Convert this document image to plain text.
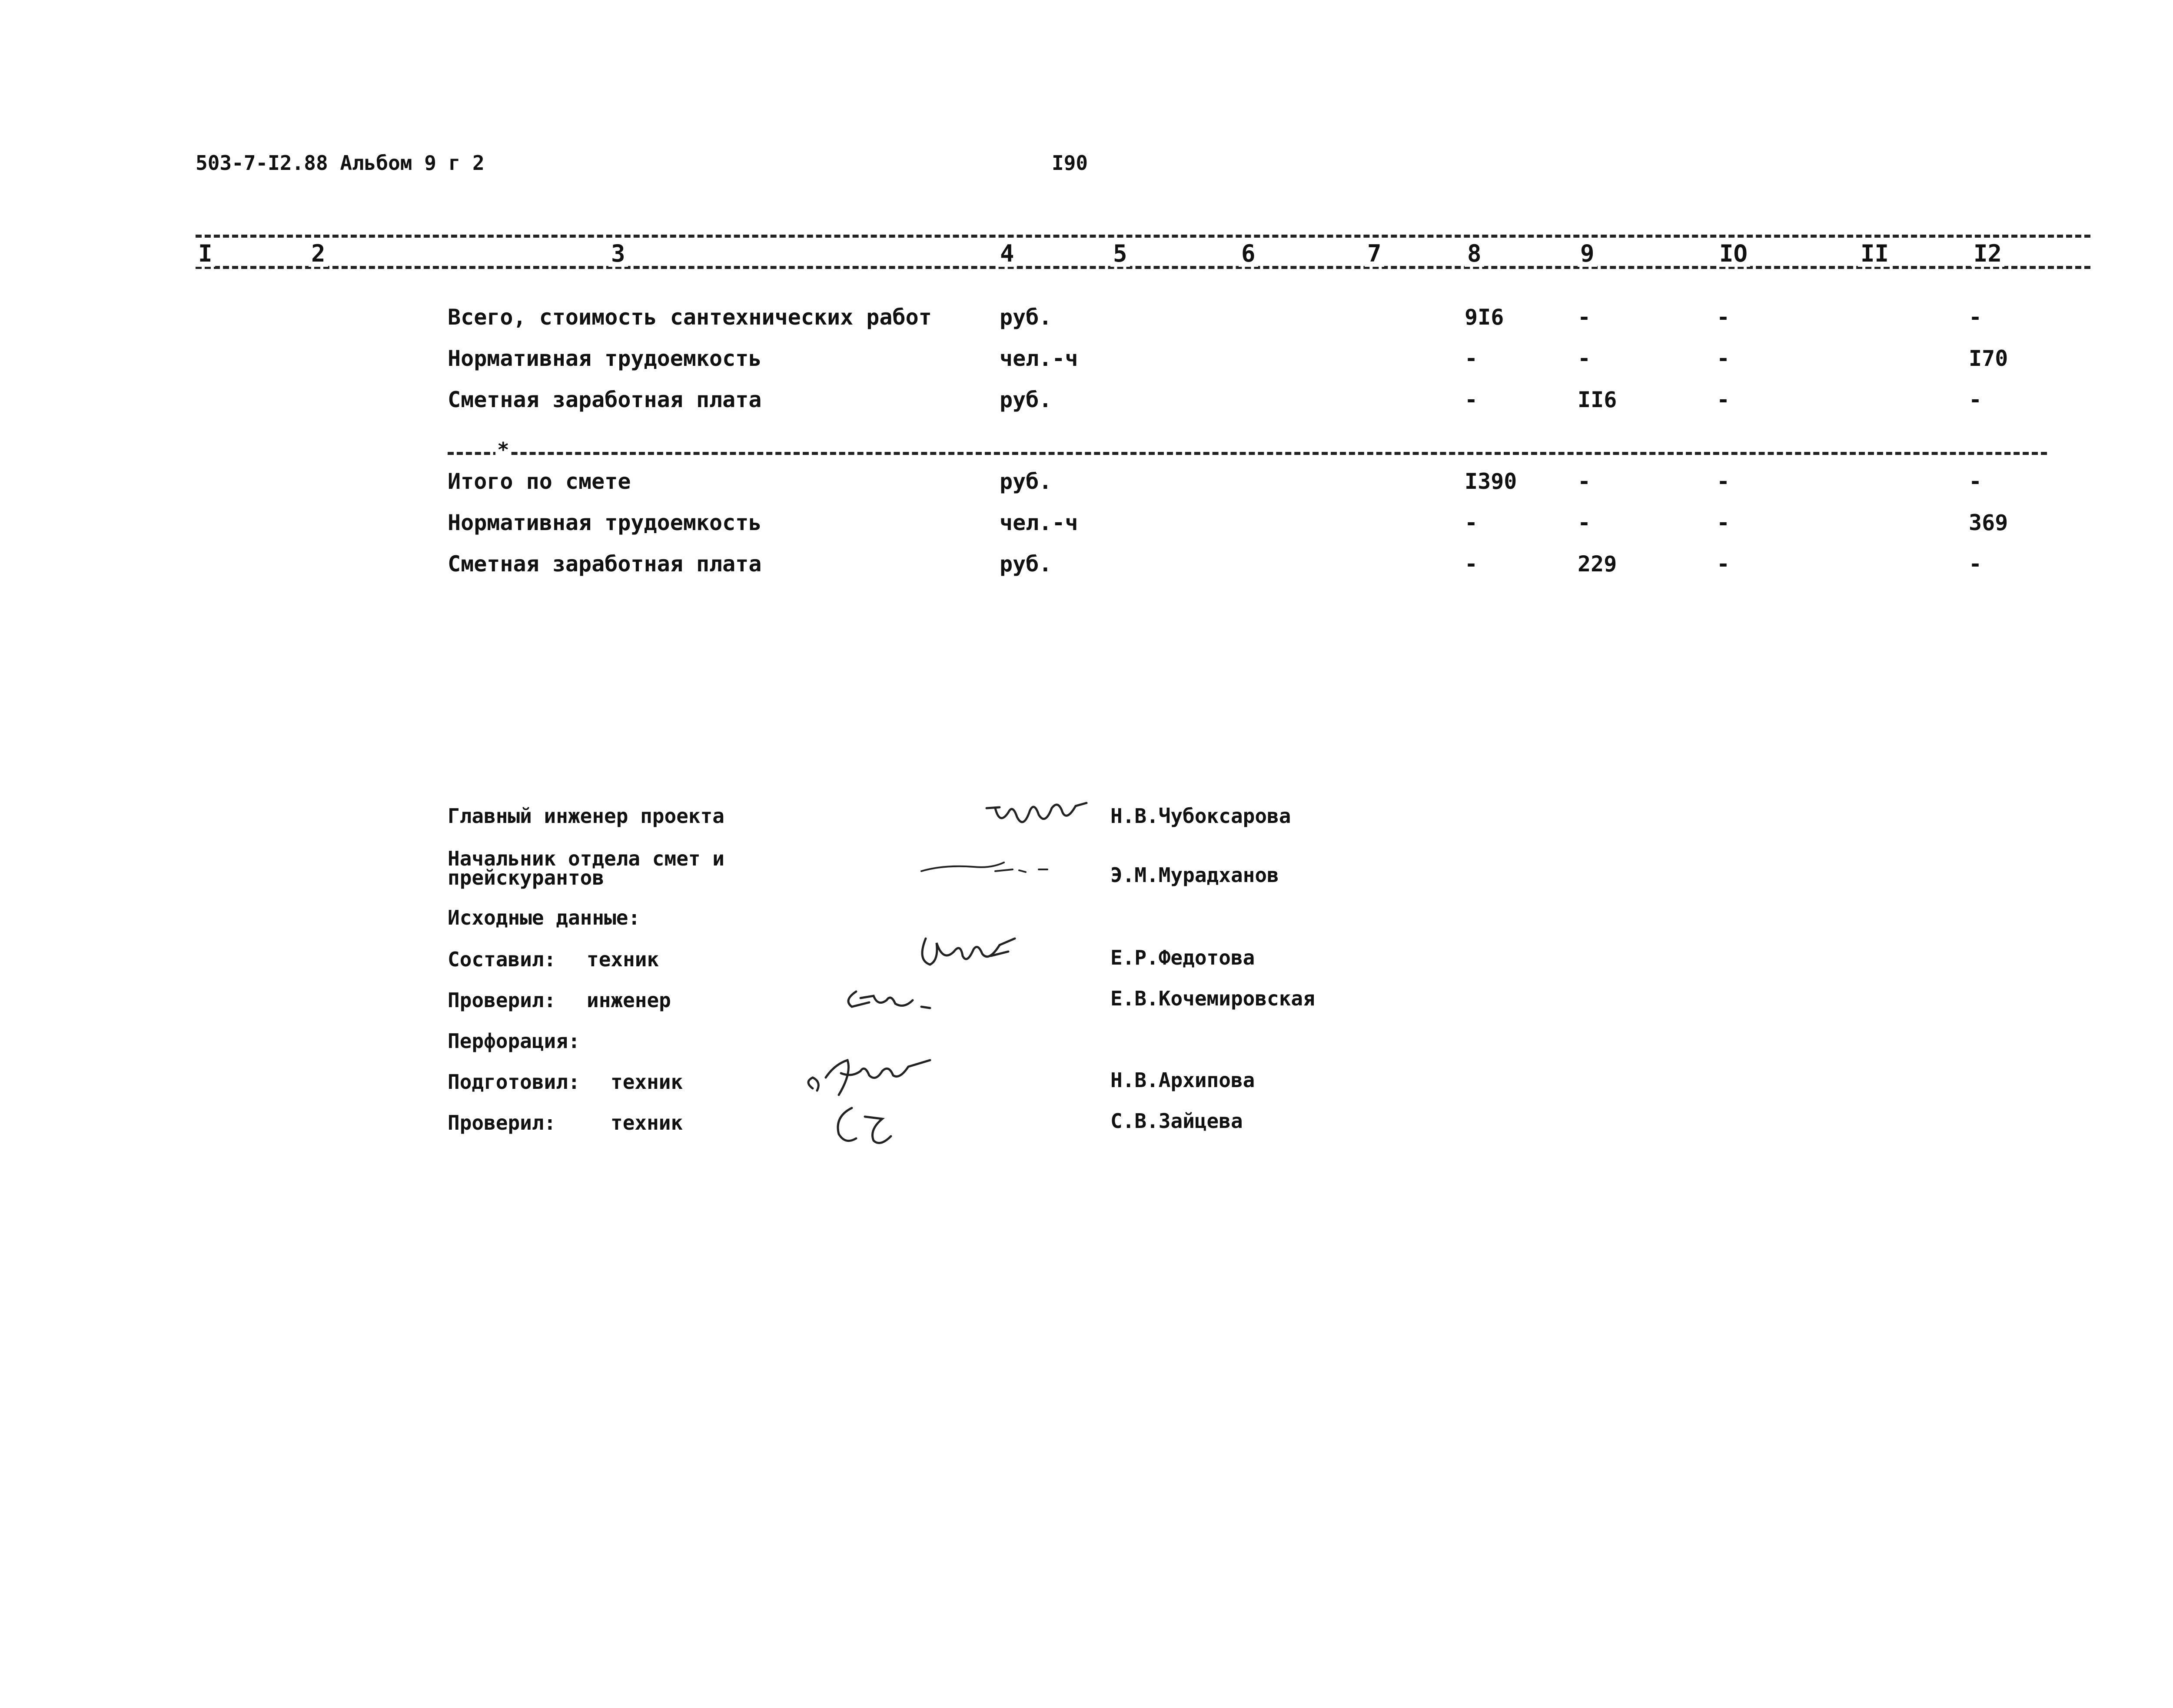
503-7-I2.88 Альбом 9 г 2	I90
I	2	3	4	5	6	7	8	9	IO	II	I2
Всего, стоимость сантехнических работ	руб.	9I6	-	-	-
Нормативная трудоемкость	чел.-ч	-	-	-	I70
Сметная заработная плата	руб.	-	II6	-	-
*
Итого по смете	руб.	I390	-	-	-
Нормативная трудоемкость	чел.-ч	-	-	-	369
Сметная заработная плата	руб.	-	229	-	-
Главный инженер проекта	Н.В.Чубоксарова
Начальник отдела смет и
прейскурантов	Э.М.Мурадханов
Исходные данные:
Составил: техник	Е.Р.Федотова
Проверил: инженер	Е.В.Кочемировская
Перфорация:
Подготовил: техник	Н.В.Архипова
Проверил:	техник	С.В.Зайцева
